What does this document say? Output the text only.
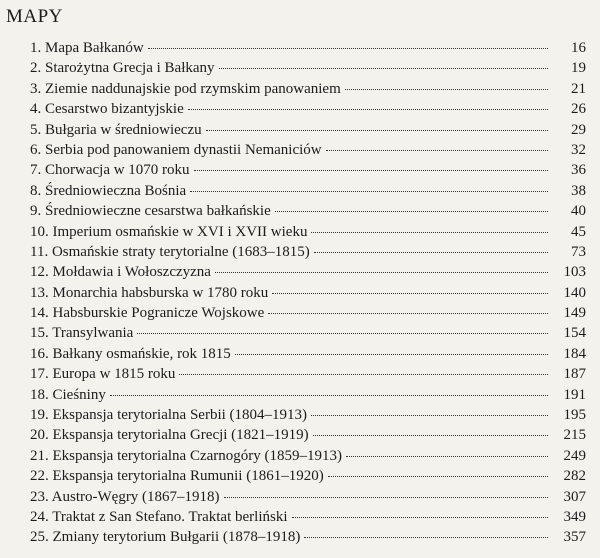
MAPY
1. Mapa Bałkanów	16
2. Starożytna Grecja i Bałkany	19
3. Ziemie naddunajskie pod rzymskim panowaniem	21
4. Cesarstwo bizantyjskie	26
5. Bułgaria w średniowieczu	29
6. Serbia pod panowaniem dynastii Nemaniciów	32
7. Chorwacja w 1070 roku	36
8. Średniowieczna Bośnia	38
9. Średniowieczne cesarstwa bałkańskie	40
10. Imperium osmańskie w XVI i XVII wieku	45
11. Osmańskie straty terytorialne (1683–1815)	73
12. Mołdawia i Wołoszczyzna	103
13. Monarchia habsburska w 1780 roku	140
14. Habsburskie Pogranicze Wojskowe	149
15. Transylwania	154
16. Bałkany osmańskie, rok 1815	184
17. Europa w 1815 roku	187
18. Cieśniny	191
19. Ekspansja terytorialna Serbii (1804–1913)	195
20. Ekspansja terytorialna Grecji (1821–1919)	215
21. Ekspansja terytorialna Czarnogóry (1859–1913)	249
22. Ekspansja terytorialna Rumunii (1861–1920)	282
23. Austro-Węgry (1867–1918)	307
24. Traktat z San Stefano. Traktat berliński	349
25. Zmiany terytorium Bułgarii (1878–1918)	357
